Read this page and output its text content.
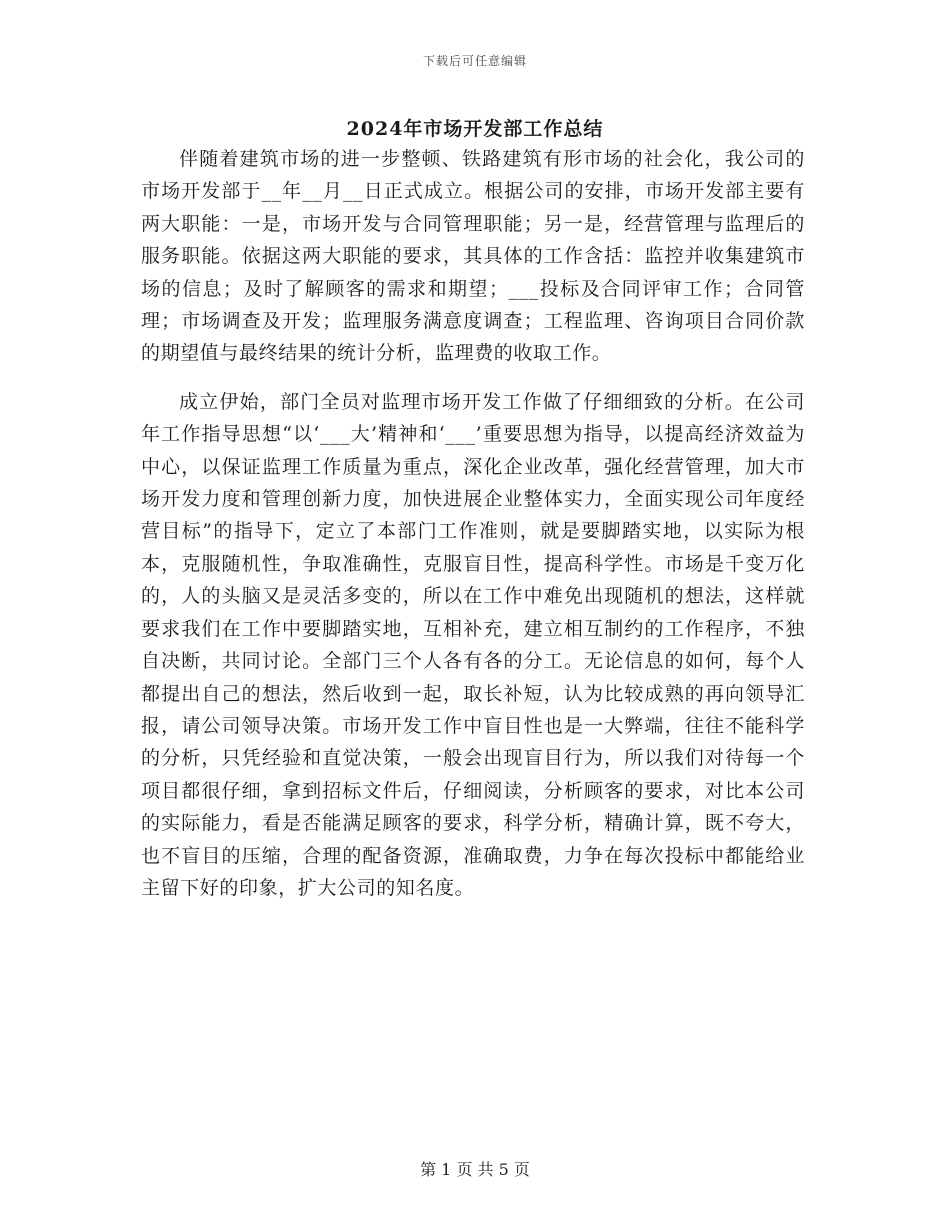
下载后可任意编辑
2024年市场开发部工作总结

伴随着建筑市场的进一步整顿、铁路建筑有形市场的社会化，我公司的市场开发部于__年__月__日正式成立。根据公司的安排，市场开发部主要有两大职能：一是，市场开发与合同管理职能；另一是，经营管理与监理后的服务职能。依据这两大职能的要求，其具体的工作含括：监控并收集建筑市场的信息；及时了解顾客的需求和期望；___投标及合同评审工作；合同管理；市场调查及开发；监理服务满意度调查；工程监理、咨询项目合同价款的期望值与最终结果的统计分析，监理费的收取工作。

成立伊始，部门全员对监理市场开发工作做了仔细细致的分析。在公司年工作指导思想“以‘___大’精神和‘___’重要思想为指导，以提高经济效益为中心，以保证监理工作质量为重点，深化企业改革，强化经营管理，加大市场开发力度和管理创新力度，加快进展企业整体实力，全面实现公司年度经营目标”的指导下，定立了本部门工作准则，就是要脚踏实地，以实际为根本，克服随机性，争取准确性，克服盲目性，提高科学性。市场是千变万化的，人的头脑又是灵活多变的，所以在工作中难免出现随机的想法，这样就要求我们在工作中要脚踏实地，互相补充，建立相互制约的工作程序，不独自决断，共同讨论。全部门三个人各有各的分工。无论信息的如何，每个人都提出自己的想法，然后收到一起，取长补短，认为比较成熟的再向领导汇报，请公司领导决策。市场开发工作中盲目性也是一大弊端，往往不能科学的分析，只凭经验和直觉决策，一般会出现盲目行为，所以我们对待每一个项目都很仔细，拿到招标文件后，仔细阅读，分析顾客的要求，对比本公司的实际能力，看是否能满足顾客的要求，科学分析，精确计算，既不夸大，也不盲目的压缩，合理的配备资源，准确取费，力争在每次投标中都能给业主留下好的印象，扩大公司的知名度。

第 1 页 共 5 页
